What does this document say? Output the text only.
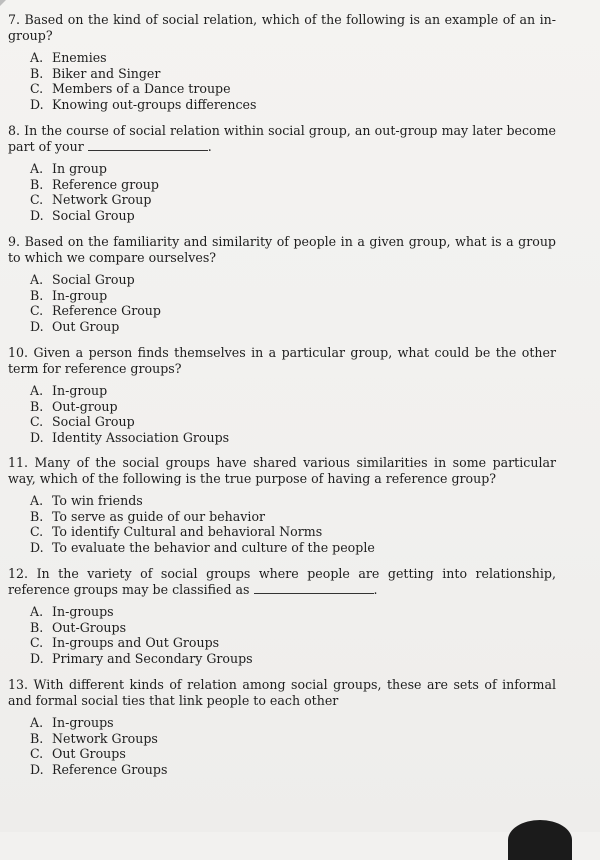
7. Based on the kind of social relation, which of the following is an example of an in-group?

A. Enemies
B. Biker and Singer
C. Members of a Dance troupe
D. Knowing out-groups differences

8. In the course of social relation within social group, an out-group may later become part of your	.

A. In group
B. Reference group
C. Network Group
D. Social Group

9. Based on the familiarity and similarity of people in a given group, what is a group to which we compare ourselves?

A. Social Group
B. In-group
C. Reference Group
D. Out Group

10. Given a person finds themselves in a particular group, what could be the other term for reference groups?

A. In-group
B. Out-group
C. Social Group
D. Identity Association Groups

11. Many of the social groups have shared various similarities in some particular way, which of the following is the true purpose of having a reference group?

A. To win friends
B. To serve as guide of our behavior
C. To identify Cultural and behavioral Norms
D. To evaluate the behavior and culture of the people

12. In the variety of social groups where people are getting into relationship, reference groups may be classified as	.

A. In-groups
B. Out-Groups
C. In-groups and Out Groups
D. Primary and Secondary Groups

13. With different kinds of relation among social groups, these are sets of informal and formal social ties that link people to each other

A. In-groups
B. Network Groups
C. Out Groups
D. Reference Groups
